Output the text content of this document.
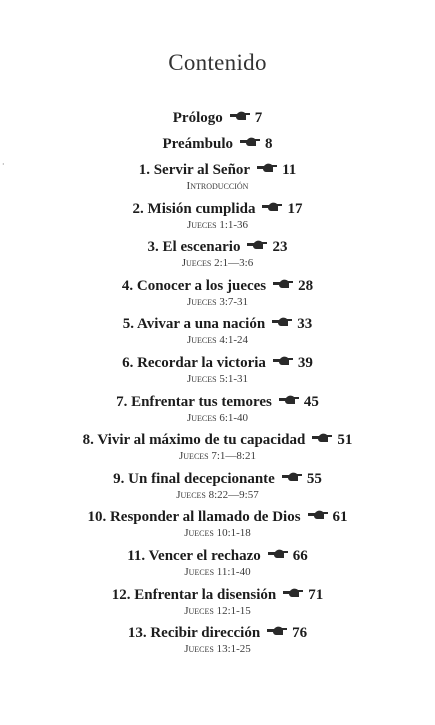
·
Contenido
Prólogo 7
Preámbulo 8
1. Servir al Señor 11
Introducción
2. Misión cumplida 17
Jueces 1:1-36
3. El escenario 23
Jueces 2:1—3:6
4. Conocer a los jueces 28
Jueces 3:7-31
5. Avivar a una nación 33
Jueces 4:1-24
6. Recordar la victoria 39
Jueces 5:1-31
7. Enfrentar tus temores 45
Jueces 6:1-40
8. Vivir al máximo de tu capacidad 51
Jueces 7:1—8:21
9. Un final decepcionante 55
Jueces 8:22—9:57
10. Responder al llamado de Dios 61
Jueces 10:1-18
11. Vencer el rechazo 66
Jueces 11:1-40
12. Enfrentar la disensión 71
Jueces 12:1-15
13. Recibir dirección 76
Jueces 13:1-25
